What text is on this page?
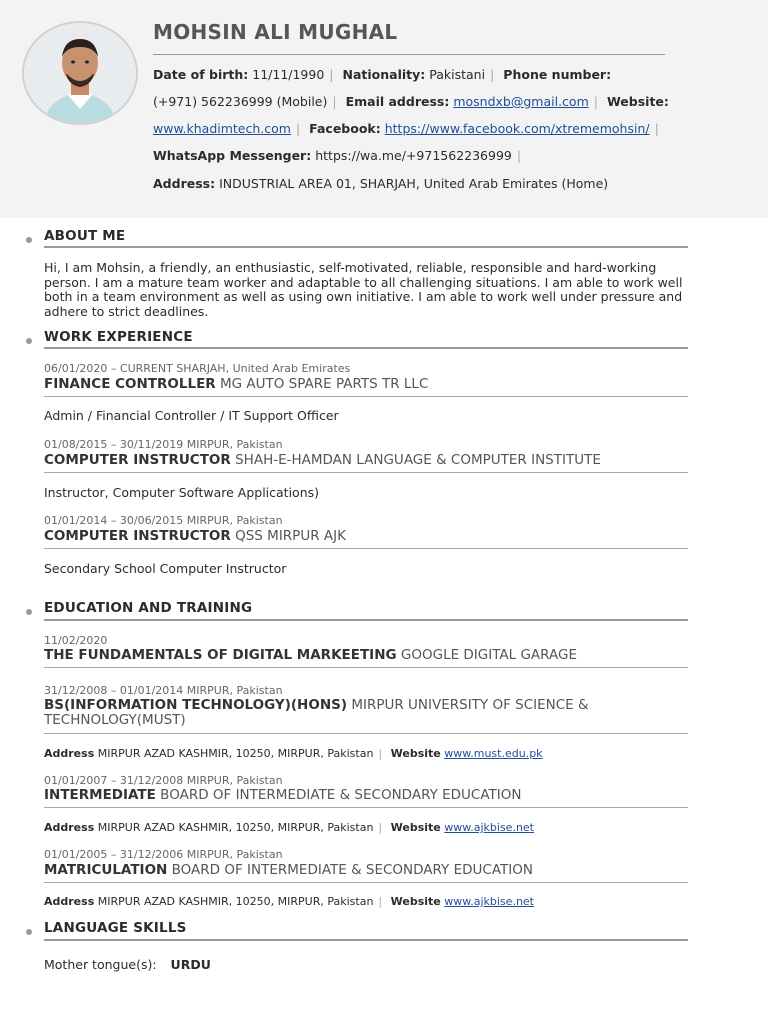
MOHSIN ALI MUGHAL
Date of birth: 11/11/1990 | Nationality: Pakistani | Phone number:
(+971) 562236999 (Mobile) | Email address: mosndxb@gmail.com | Website:
www.khadimtech.com | Facebook: https://www.facebook.com/xtrememohsin/ |
WhatsApp Messenger: https://wa.me/+971562236999 |
Address: INDUSTRIAL AREA 01, SHARJAH, United Arab Emirates (Home)
ABOUT ME
Hi, I am Mohsin, a friendly, an enthusiastic, self-motivated, reliable, responsible and hard-working person. I am a mature team worker and adaptable to all challenging situations. I am able to work well both in a team environment as well as using own initiative. I am able to work well under pressure and adhere to strict deadlines.
WORK EXPERIENCE
06/01/2020 – CURRENT SHARJAH, United Arab Emirates
FINANCE CONTROLLER MG AUTO SPARE PARTS TR LLC
Admin / Financial Controller / IT Support Officer
01/08/2015 – 30/11/2019 MIRPUR, Pakistan
COMPUTER INSTRUCTOR SHAH-E-HAMDAN LANGUAGE & COMPUTER INSTITUTE
Instructor, Computer Software Applications)
01/01/2014 – 30/06/2015 MIRPUR, Pakistan
COMPUTER INSTRUCTOR QSS MIRPUR AJK
Secondary School Computer Instructor
EDUCATION AND TRAINING
11/02/2020
THE FUNDAMENTALS OF DIGITAL MARKEETING GOOGLE DIGITAL GARAGE
31/12/2008 – 01/01/2014 MIRPUR, Pakistan
BS(INFORMATION TECHNOLOGY)(HONS) MIRPUR UNIVERSITY OF SCIENCE & TECHNOLOGY(MUST)
Address MIRPUR AZAD KASHMIR, 10250, MIRPUR, Pakistan | Website www.must.edu.pk
01/01/2007 – 31/12/2008 MIRPUR, Pakistan
INTERMEDIATE BOARD OF INTERMEDIATE & SECONDARY EDUCATION
Address MIRPUR AZAD KASHMIR, 10250, MIRPUR, Pakistan | Website www.ajkbise.net
01/01/2005 – 31/12/2006 MIRPUR, Pakistan
MATRICULATION BOARD OF INTERMEDIATE & SECONDARY EDUCATION
Address MIRPUR AZAD KASHMIR, 10250, MIRPUR, Pakistan | Website www.ajkbise.net
LANGUAGE SKILLS
Mother tongue(s): URDU
